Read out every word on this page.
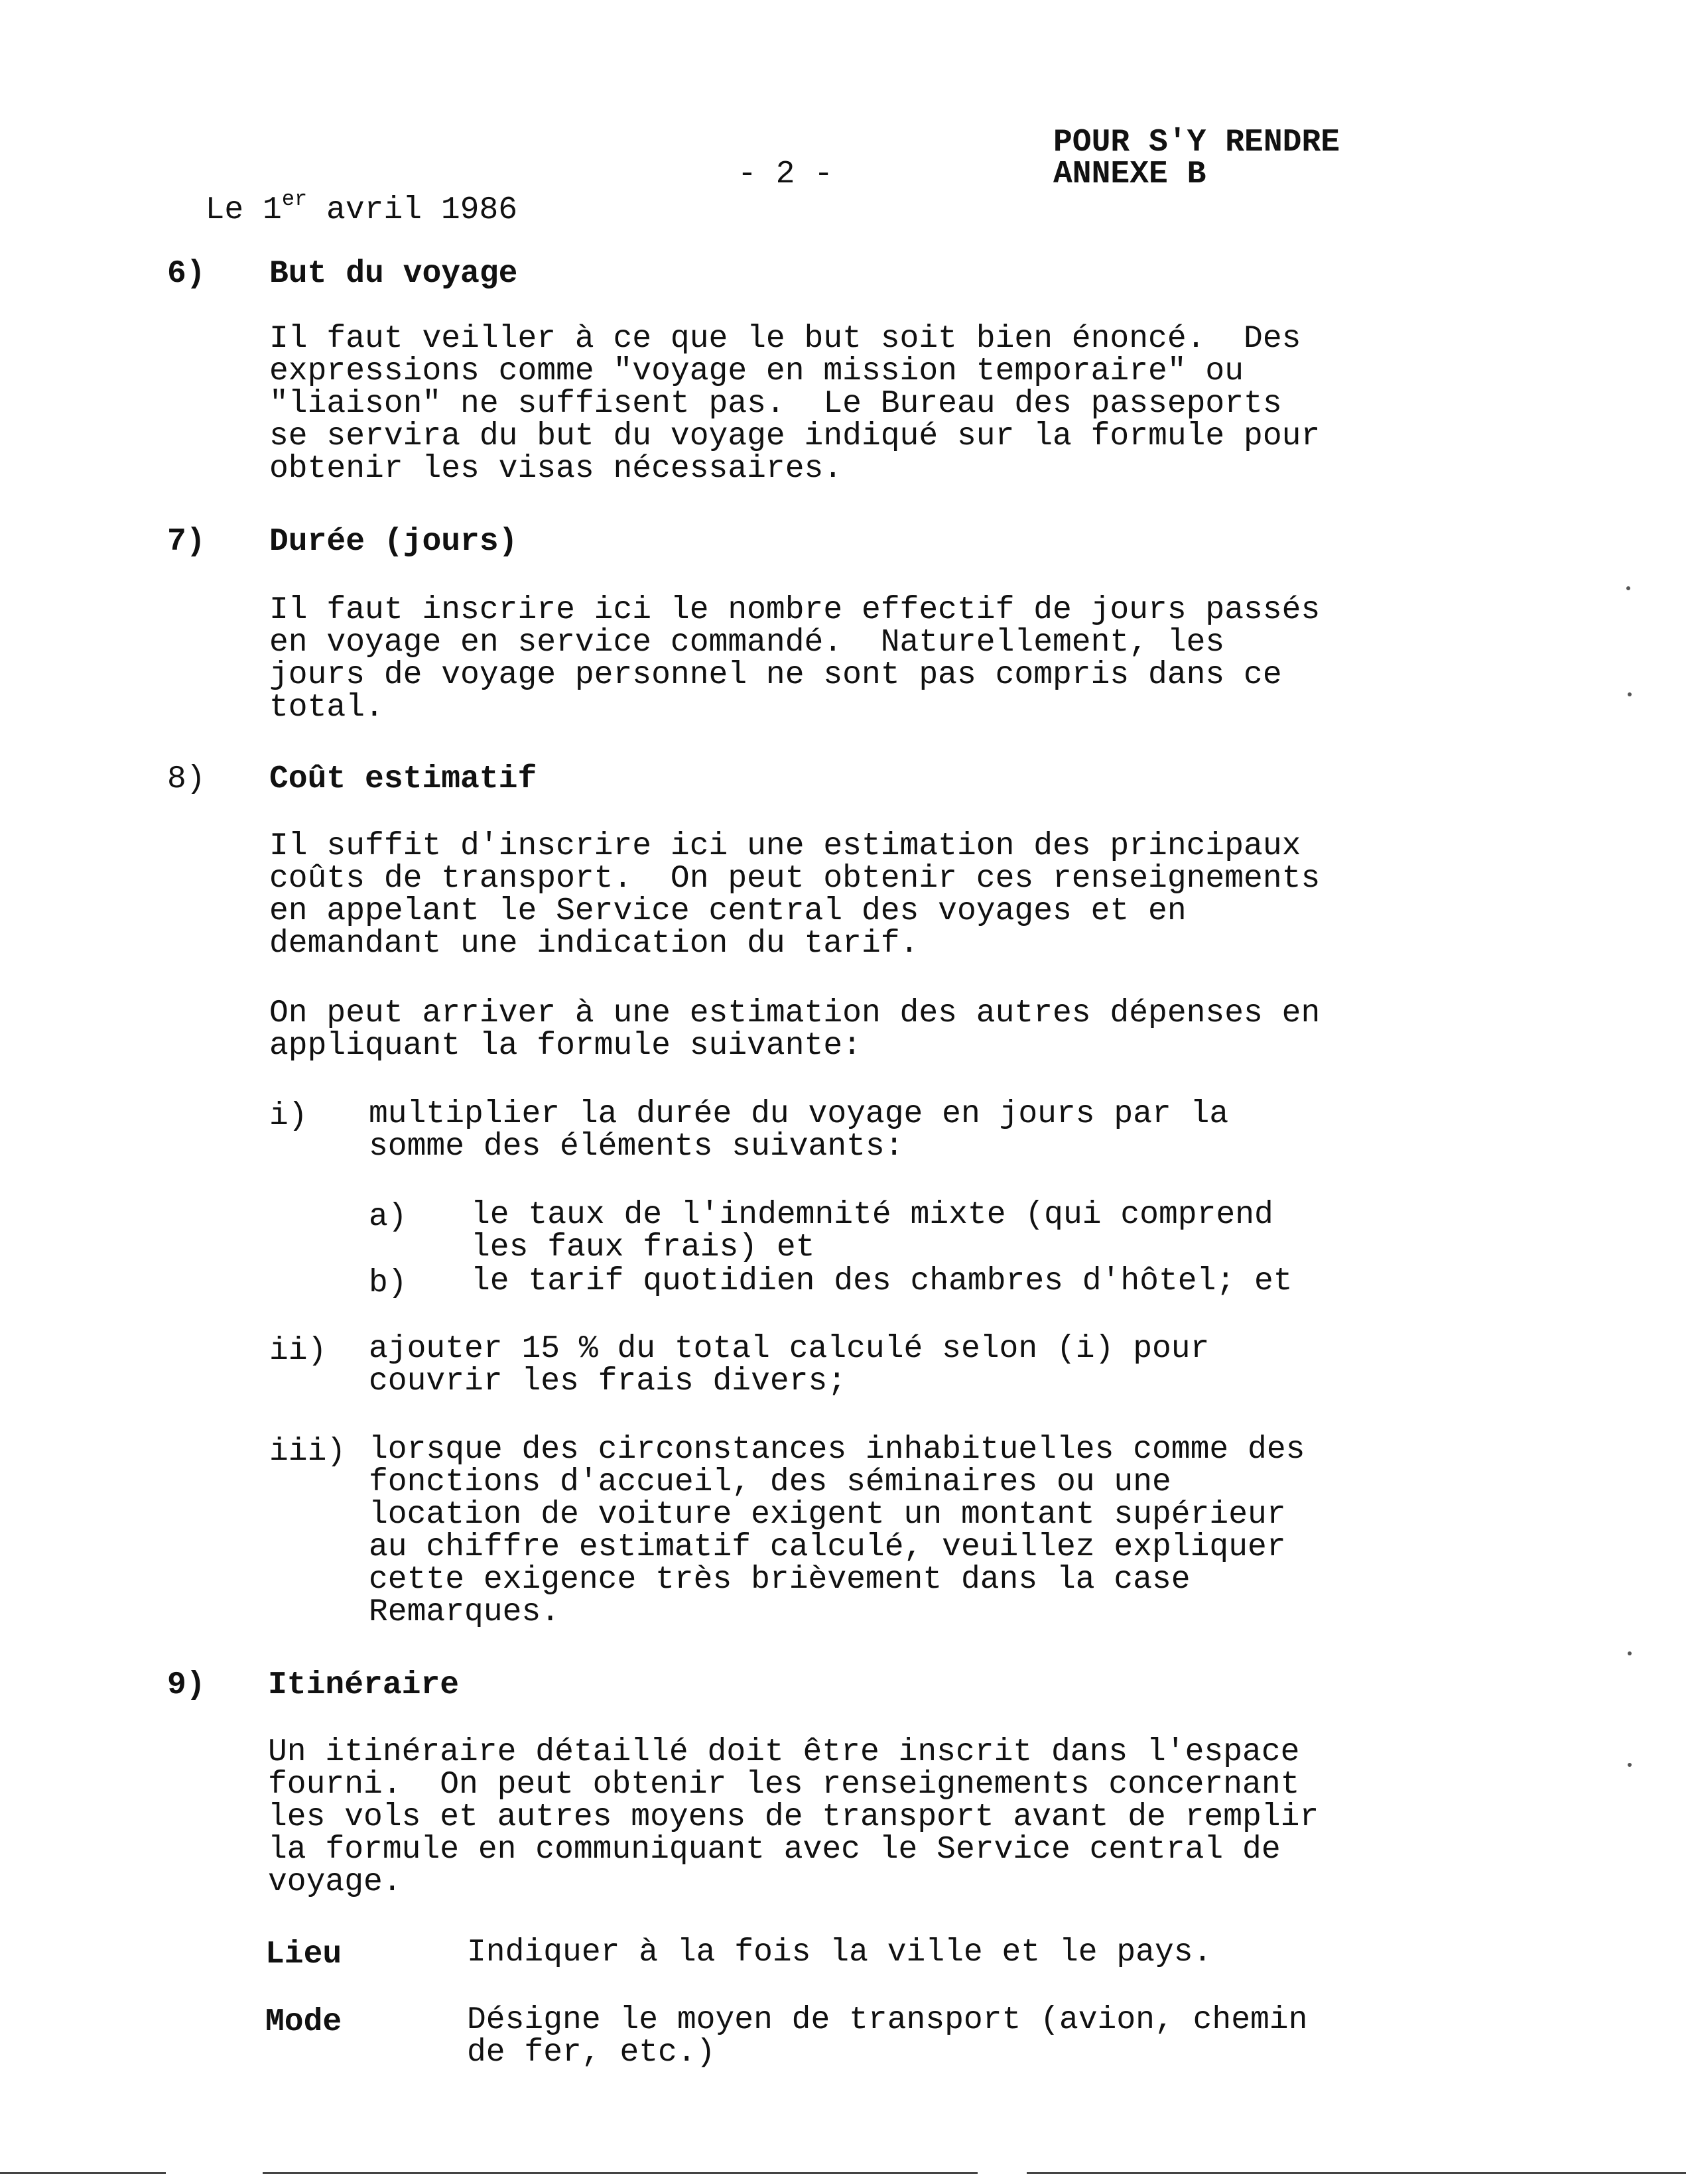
Le 1er avril 1986

- 2 -
POUR S'Y RENDRE
ANNEXE B
6) But du voyage
Il faut veiller à ce que le but soit bien énoncé.  Des
expressions comme "voyage en mission temporaire" ou
"liaison" ne suffisent pas.  Le Bureau des passeports
se servira du but du voyage indiqué sur la formule pour
obtenir les visas nécessaires.
7) Durée (jours)
Il faut inscrire ici le nombre effectif de jours passés
en voyage en service commandé.  Naturellement, les
jours de voyage personnel ne sont pas compris dans ce
total.
8) Coût estimatif
Il suffit d'inscrire ici une estimation des principaux
coûts de transport.  On peut obtenir ces renseignements
en appelant le Service central des voyages et en
demandant une indication du tarif.
On peut arriver à une estimation des autres dépenses en
appliquant la formule suivante:
i) multiplier la durée du voyage en jours par la
somme des éléments suivants:
a) le taux de l'indemnité mixte (qui comprend
les faux frais) et
b) le tarif quotidien des chambres d'hôtel; et
ii) ajouter 15 % du total calculé selon (i) pour
couvrir les frais divers;
iii) lorsque des circonstances inhabituelles comme des
fonctions d'accueil, des séminaires ou une
location de voiture exigent un montant supérieur
au chiffre estimatif calculé, veuillez expliquer
cette exigence très brièvement dans la case
Remarques.
9) Itinéraire
Un itinéraire détaillé doit être inscrit dans l'espace
fourni.  On peut obtenir les renseignements concernant
les vols et autres moyens de transport avant de remplir
la formule en communiquant avec le Service central de
voyage.
Lieu	Indiquer à la fois la ville et le pays.
Mode	Désigne le moyen de transport (avion, chemin
de fer, etc.)
